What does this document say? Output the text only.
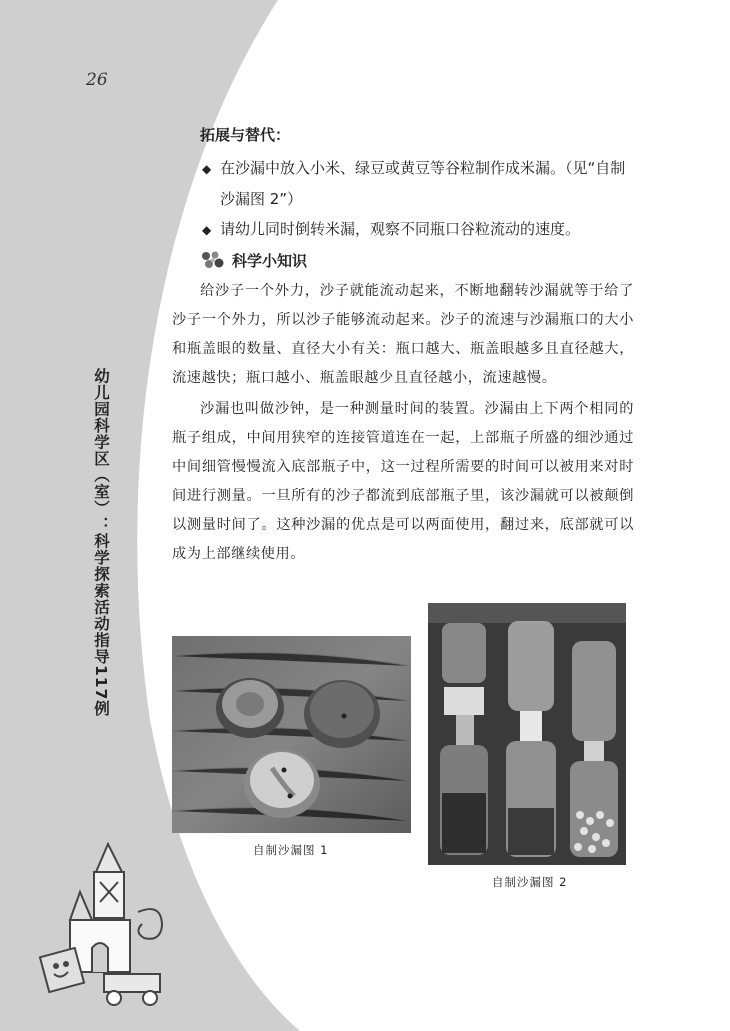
26
幼儿园科学区（室）：科学探索活动指导117例
拓展与替代：

◆ 在沙漏中放入小米、绿豆或黄豆等谷粒制作成米漏。（见“自制沙漏图 2”）

◆ 请幼儿同时倒转米漏，观察不同瓶口谷粒流动的速度。

科学小知识

给沙子一个外力，沙子就能流动起来，不断地翻转沙漏就等于给了沙子一个外力，所以沙子能够流动起来。沙子的流速与沙漏瓶口的大小和瓶盖眼的数量、直径大小有关：瓶口越大、瓶盖眼越多且直径越大，流速越快；瓶口越小、瓶盖眼越少且直径越小，流速越慢。

沙漏也叫做沙钟，是一种测量时间的装置。沙漏由上下两个相同的瓶子组成，中间用狭窄的连接管道连在一起，上部瓶子所盛的细沙通过中间细管慢慢流入底部瓶子中，这一过程所需要的时间可以被用来对时间进行测量。一旦所有的沙子都流到底部瓶子里，该沙漏就可以被颠倒以测量时间了。这种沙漏的优点是可以两面使用，翻过来，底部就可以成为上部继续使用。

自制沙漏图 1
自制沙漏图 2
